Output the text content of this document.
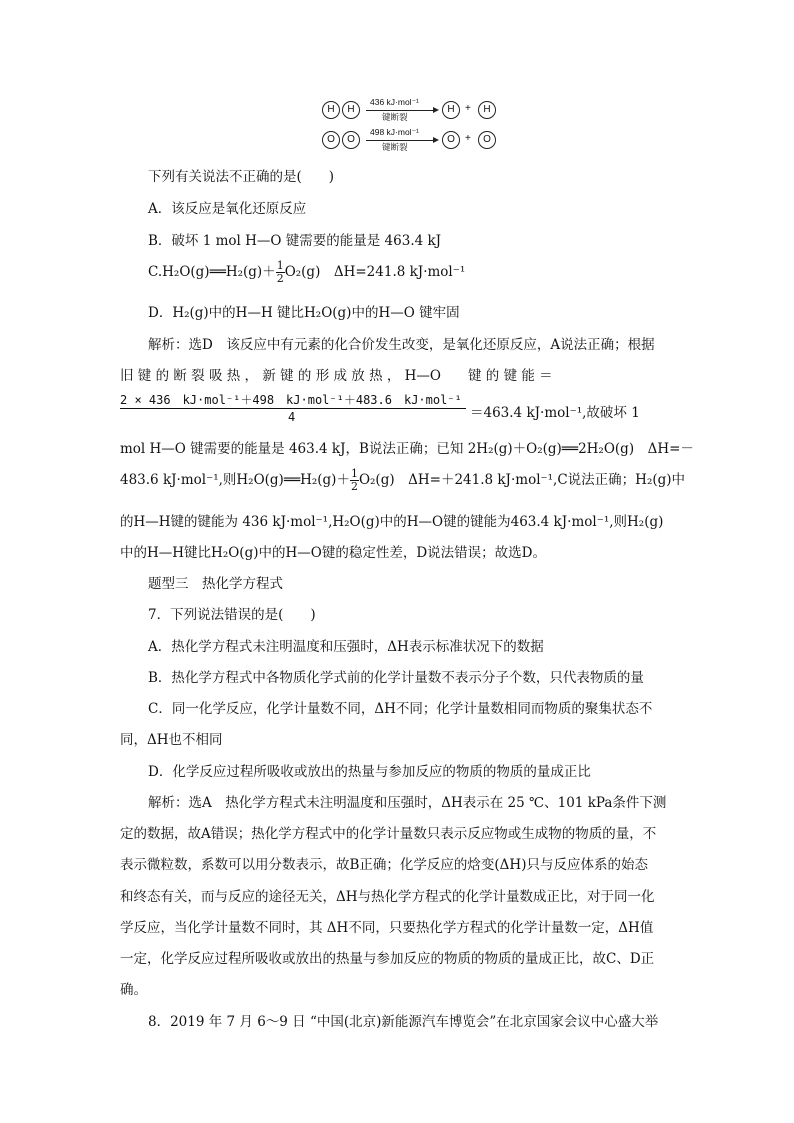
H	H
436 kJ·mol⁻¹
键断裂
H	+	H
O	O
498 kJ·mol⁻¹
键断裂
O	+	O
下列有关说法不正确的是(　　)
A．该反应是氧化还原反应
B．破坏 1 mol H—O 键需要的能量是 463.4 kJ
C.H₂O(g)══H₂(g)＋ $\frac{1}{2} O_2(g)$　ΔH=241.8 kJ·mol⁻¹
D．H₂(g)中的H—H 键比H₂O(g)中的H—O 键牢固
解析：选D　该反应中有元素的化合价发生改变，是氧化还原反应，A说法正确；根据
旧 键 的 断 裂 吸 热 ， 新 键 的 形 成 放 热 ， H—O　　键 的 键 能 ＝
2 × 436　kJ·mol⁻¹＋498　kJ·mol⁻¹＋483.6　kJ·mol⁻¹
4	＝463.4 kJ·mol⁻¹,故破坏 1
mol H—O 键需要的能量是 463.4 kJ，B说法正确；已知 2H₂(g)＋O₂(g)══2H₂O(g)　ΔH=－
483.6 kJ·mol⁻¹,则H₂O(g)══H₂(g)＋ $\frac{1}{2} O_2(g)$　ΔH=＋241.8 kJ·mol⁻¹,C说法正确；H₂(g)中
的H—H键的键能为 436 kJ·mol⁻¹,H₂O(g)中的H—O键的键能为463.4 kJ·mol⁻¹,则H₂(g)
中的H—H键比H₂O(g)中的H—O键的稳定性差，D说法错误；故选D。
题型三　热化学方程式
7．下列说法错误的是(　　)
A．热化学方程式未注明温度和压强时，ΔH表示标准状况下的数据
B．热化学方程式中各物质化学式前的化学计量数不表示分子个数，只代表物质的量
C．同一化学反应，化学计量数不同，ΔH不同；化学计量数相同而物质的聚集状态不
同，ΔH也不相同
D．化学反应过程所吸收或放出的热量与参加反应的物质的物质的量成正比
解析：选A　热化学方程式未注明温度和压强时，ΔH表示在 25 ℃、101 kPa条件下测
定的数据，故A错误；热化学方程式中的化学计量数只表示反应物或生成物的物质的量，不
表示微粒数，系数可以用分数表示，故B正确；化学反应的焓变(ΔH)只与反应体系的始态
和终态有关，而与反应的途径无关，ΔH与热化学方程式的化学计量数成正比，对于同一化
学反应，当化学计量数不同时，其 ΔH不同，只要热化学方程式的化学计量数一定，ΔH值
一定，化学反应过程所吸收或放出的热量与参加反应的物质的物质的量成正比，故C、D正
确。
8．2019 年 7 月 6～9 日 “中国(北京)新能源汽车博览会”在北京国家会议中心盛大举
